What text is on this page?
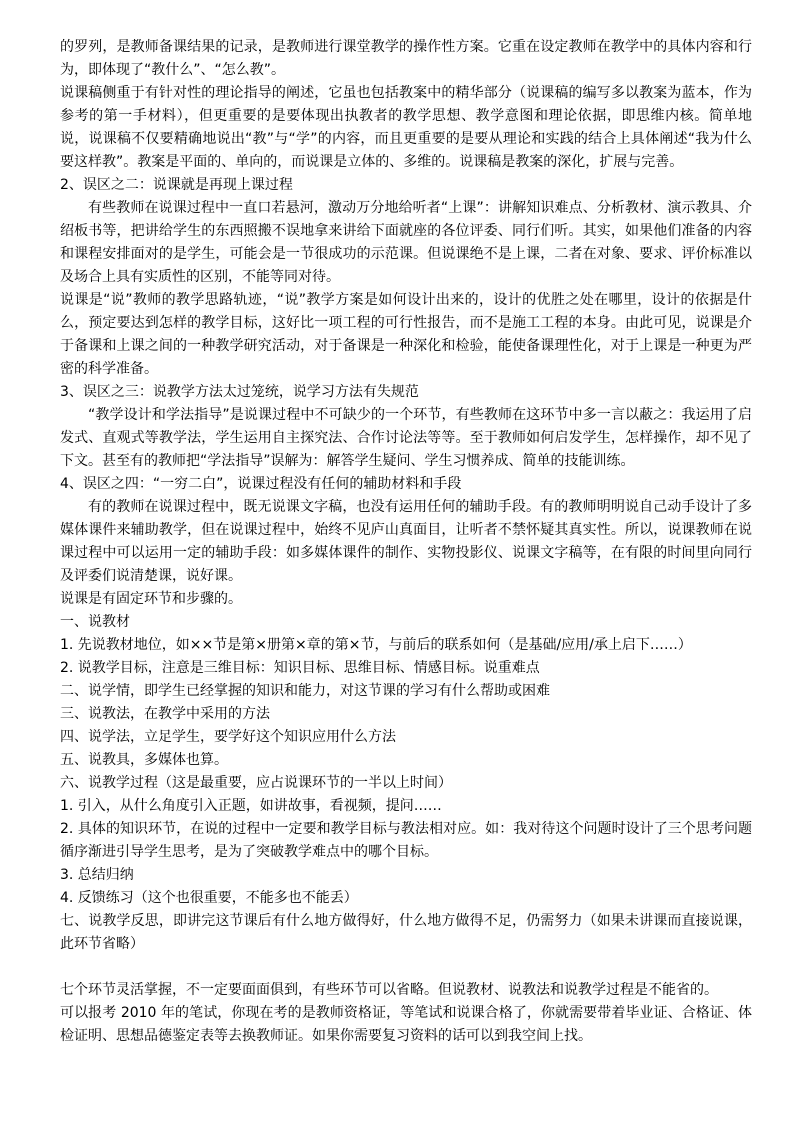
的罗列，是教师备课结果的记录，是教师进行课堂教学的操作性方案。它重在设定教师在教学中的具体内容和行为，即体现了“教什么”、“怎么教”。

说课稿侧重于有针对性的理论指导的阐述，它虽也包括教案中的精华部分（说课稿的编写多以教案为蓝本，作为参考的第一手材料），但更重要的是要体现出执教者的教学思想、教学意图和理论依据，即思维内核。简单地说，说课稿不仅要精确地说出“教”与“学”的内容，而且更重要的是要从理论和实践的结合上具体阐述“我为什么要这样教”。教案是平面的、单向的，而说课是立体的、多维的。说课稿是教案的深化，扩展与完善。

2、误区之二：说课就是再现上课过程

有些教师在说课过程中一直口若悬河，激动万分地给听者“上课”：讲解知识难点、分析教材、演示教具、介绍板书等，把讲给学生的东西照搬不误地拿来讲给下面就座的各位评委、同行们听。其实，如果他们准备的内容和课程安排面对的是学生，可能会是一节很成功的示范课。但说课绝不是上课，二者在对象、要求、评价标准以及场合上具有实质性的区别，不能等同对待。

说课是“说”教师的教学思路轨迹，“说”教学方案是如何设计出来的，设计的优胜之处在哪里，设计的依据是什么，预定要达到怎样的教学目标，这好比一项工程的可行性报告，而不是施工工程的本身。由此可见，说课是介于备课和上课之间的一种教学研究活动，对于备课是一种深化和检验，能使备课理性化，对于上课是一种更为严密的科学准备。

3、误区之三：说教学方法太过笼统，说学习方法有失规范

“教学设计和学法指导”是说课过程中不可缺少的一个环节，有些教师在这环节中多一言以蔽之：我运用了启发式、直观式等教学法，学生运用自主探究法、合作讨论法等等。至于教师如何启发学生，怎样操作，却不见了下文。甚至有的教师把“学法指导”误解为：解答学生疑问、学生习惯养成、简单的技能训练。

4、误区之四：“一穷二白”，说课过程没有任何的辅助材料和手段

有的教师在说课过程中，既无说课文字稿，也没有运用任何的辅助手段。有的教师明明说自己动手设计了多媒体课件来辅助教学，但在说课过程中，始终不见庐山真面目，让听者不禁怀疑其真实性。所以，说课教师在说课过程中可以运用一定的辅助手段：如多媒体课件的制作、实物投影仪、说课文字稿等，在有限的时间里向同行及评委们说清楚课，说好课。

说课是有固定环节和步骤的。

一、说教材

1. 先说教材地位，如××节是第×册第×章的第×节，与前后的联系如何（是基础/应用/承上启下……）

2. 说教学目标，注意是三维目标：知识目标、思维目标、情感目标。说重难点

二、说学情，即学生已经掌握的知识和能力，对这节课的学习有什么帮助或困难

三、说教法，在教学中采用的方法

四、说学法，立足学生，要学好这个知识应用什么方法

五、说教具，多媒体也算。

六、说教学过程（这是最重要，应占说课环节的一半以上时间）

1. 引入，从什么角度引入正题，如讲故事，看视频，提问……

2. 具体的知识环节，在说的过程中一定要和教学目标与教法相对应。如：我对待这个问题时设计了三个思考问题循序渐进引导学生思考，是为了突破教学难点中的哪个目标。

3. 总结归纳

4. 反馈练习（这个也很重要，不能多也不能丢）

七、说教学反思，即讲完这节课后有什么地方做得好，什么地方做得不足，仍需努力（如果未讲课而直接说课，此环节省略）

七个环节灵活掌握，不一定要面面俱到，有些环节可以省略。但说教材、说教法和说教学过程是不能省的。

可以报考 2010 年的笔试，你现在考的是教师资格证，等笔试和说课合格了，你就需要带着毕业证、合格证、体检证明、思想品德鉴定表等去换教师证。如果你需要复习资料的话可以到我空间上找。
